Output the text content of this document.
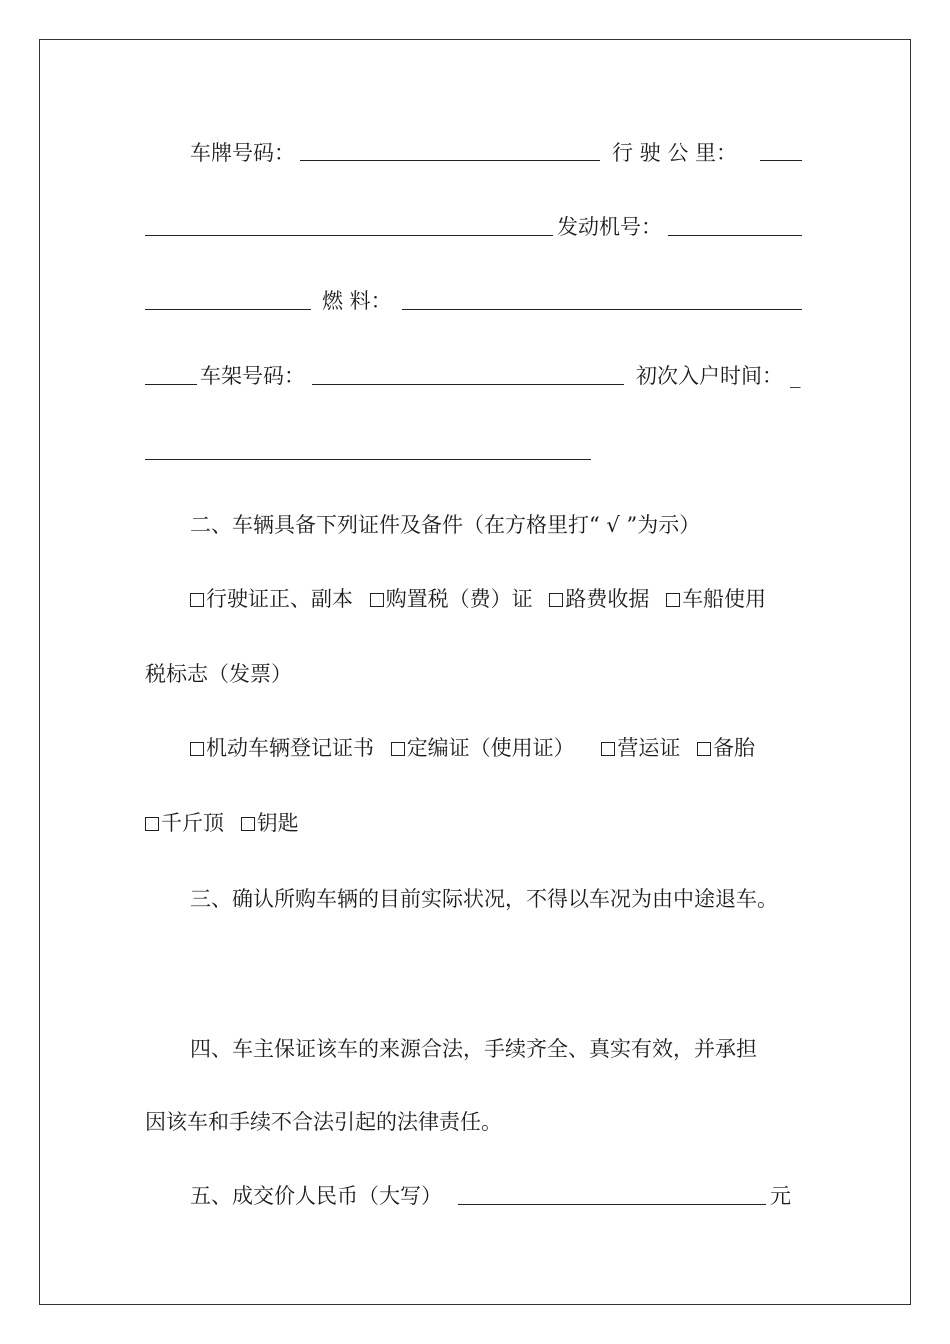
车牌号码：	行 驶 公 里：
发动机号：
燃 料：
车架号码：	初次入户时间： _
二、车辆具备下列证件及备件（在方格里打“ √ ”为示）
行驶证正、副本 购置税（费）证 路费收据 车船使用
税标志（发票）
机动车辆登记证书 定编证（使用证） 营运证 备胎
千斤顶 钥匙
三、确认所购车辆的目前实际状况，不得以车况为由中途退车。
四、车主保证该车的来源合法，手续齐全、真实有效，并承担
因该车和手续不合法引起的法律责任。
五、成交价人民币（大写）	元
